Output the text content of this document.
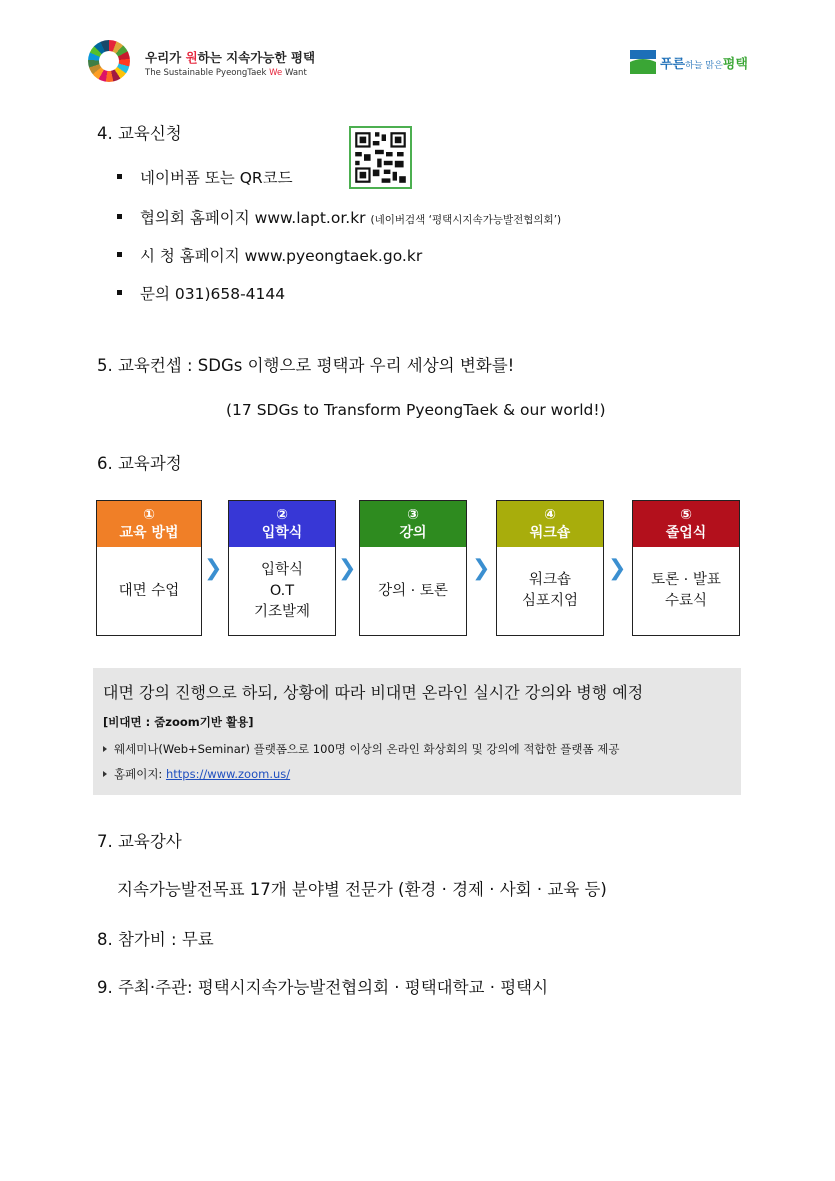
우리가 원하는 지속가능한 평택
The Sustainable PyeongTaek We Want
푸른하늘 맑은평택
4. 교육신청
네이버폼 또는 QR코드
협의회 홈페이지 www.lapt.or.kr (네이버검색 ‘평택시지속가능발전협의회’)
시 청 홈페이지 www.pyeongtaek.go.kr
문의 031)658-4144
5. 교육컨셉 : SDGs 이행으로 평택과 우리 세상의 변화를!
(17 SDGs to Transform PyeongTaek & our world!)
6. 교육과정
①
교육 방법
대면 수업
❯
②
입학식
입학식
O.T
기조발제
❯
③
강의
강의 · 토론
❯
④
워크숍
워크숍
심포지엄
❯
⑤
졸업식
토론 · 발표
수료식
대면 강의 진행으로 하되, 상황에 따라 비대면 온라인 실시간 강의와 병행 예정
[비대면 : 줌zoom기반 활용]
웨세미나(Web+Seminar) 플랫폼으로 100명 이상의 온라인 화상회의 및 강의에 적합한 플랫폼 제공
홈페이지: https://www.zoom.us/
7. 교육강사
지속가능발전목표 17개 분야별 전문가 (환경 · 경제 · 사회 · 교육 등)
8. 참가비 : 무료
9. 주최·주관: 평택시지속가능발전협의회 · 평택대학교 · 평택시
